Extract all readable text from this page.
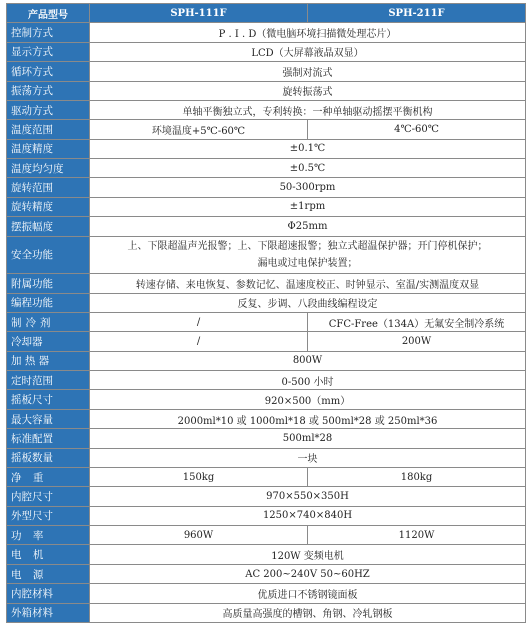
产品型号	SPH-111F	SPH-211F
控制方式	P . I . D（微电脑环境扫描微处理芯片）	
显示方式	LCD（大屏幕液晶双显）	
循环方式	强制对流式	
振荡方式	旋转振荡式	
驱动方式	单轴平衡独立式，专利转换：一种单轴驱动摇摆平衡机构	
温度范围	环境温度+5℃-60℃	4℃-60℃
温度精度	±0.1℃	
温度均匀度	±0.5℃	
旋转范围	50-300rpm	
旋转精度	±1rpm	
摆振幅度	Φ25mm	
安全功能	上、下限超温声光报警；上、下限超速报警；独立式超温保护器；开门停机保护；
漏电或过电保护装置；	

附属功能	转速存储、来电恢复、参数记忆、温速度校正、时钟显示、室温/实测温度双显	
编程功能	反复、步调、八段曲线编程设定	
制冷剂	/	CFC-Free（134A）无氟安全制冷系统
冷却器	/	200W
加 热 器	800W	
定时范围	0-500 小时	
摇板尺寸	920×500（mm）	
最大容量	2000ml*10 或 1000ml*18 或 500ml*28 或 250ml*36	
标准配置	500ml*28	
摇板数量	一块	
净 重	150kg	180kg
内腔尺寸	970×550×350H	
外型尺寸	1250×740×840H	
功 率	960W	1120W
电 机	120W 变频电机	
电 源	AC 200~240V 50~60HZ	
内腔材料	优质进口不锈钢镜面板	
外箱材料	高质量高强度的槽钢、角钢、冷轧钢板	
